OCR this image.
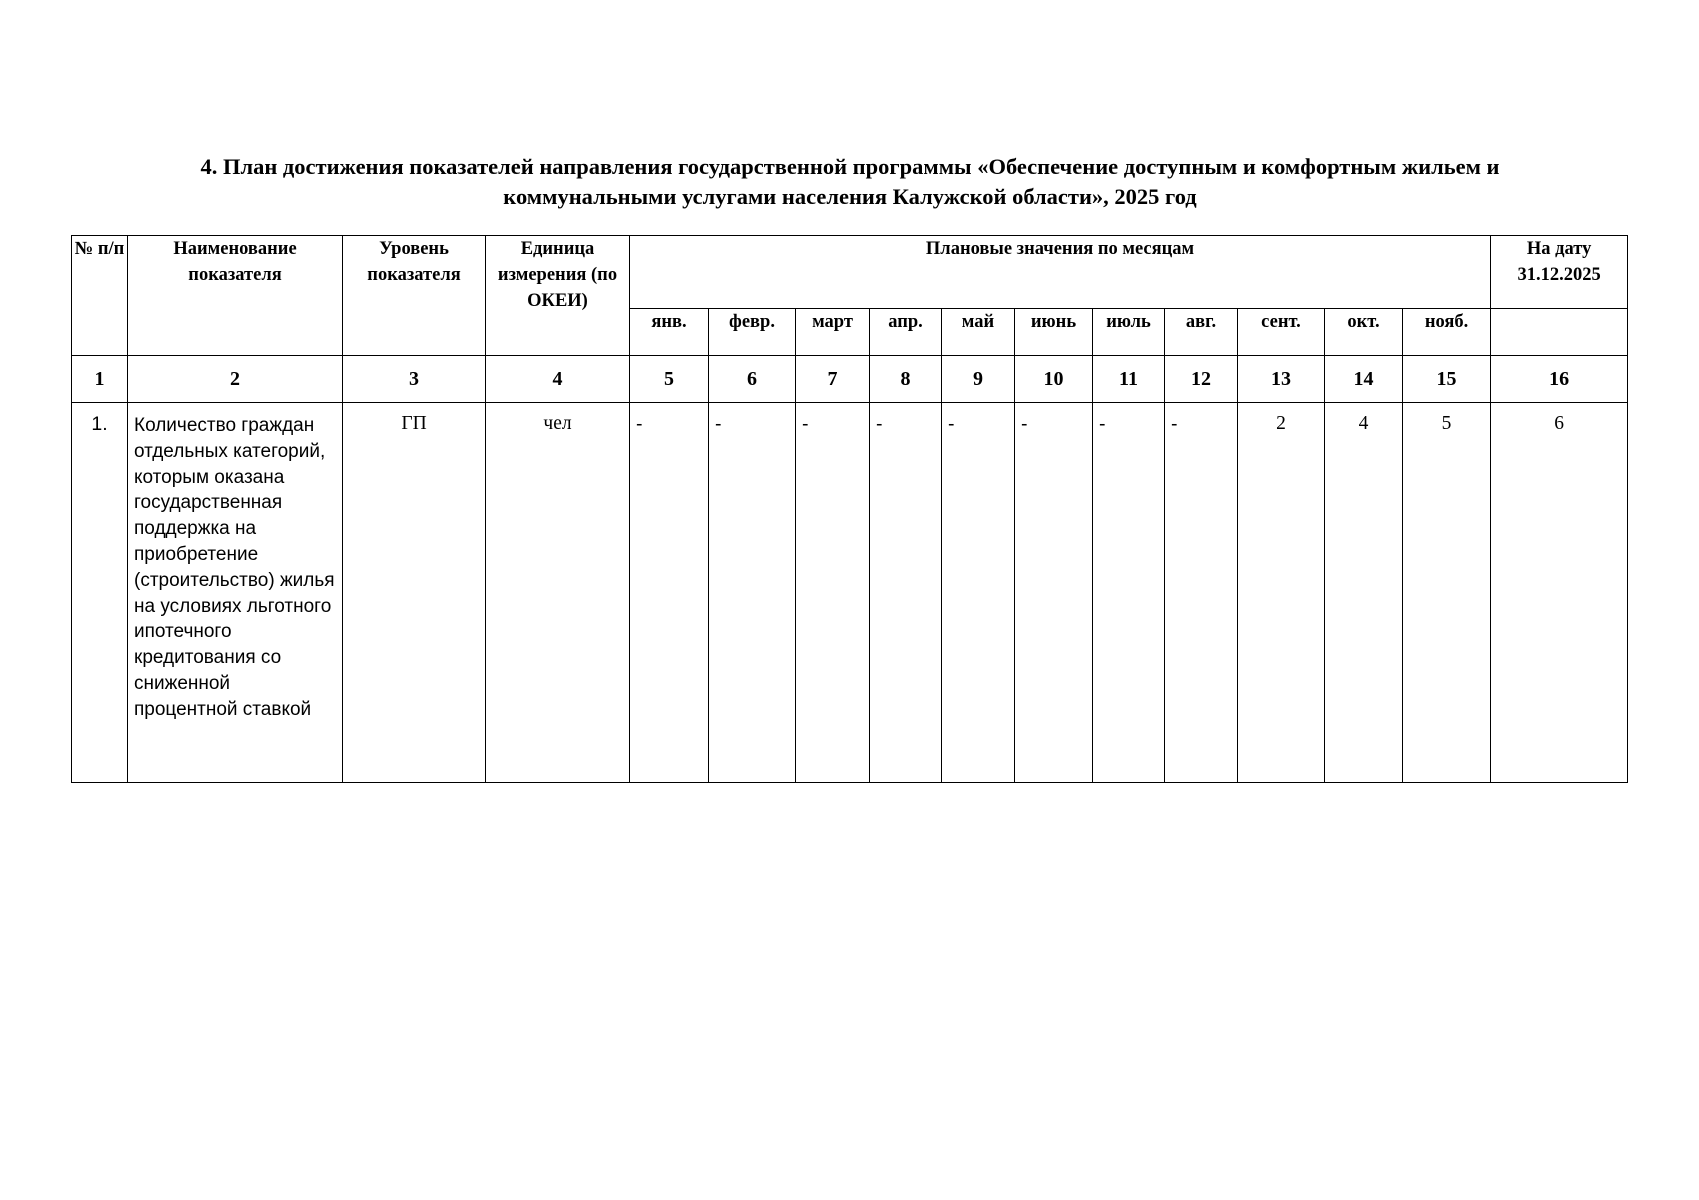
4. План достижения показателей направления государственной программы «Обеспечение доступным и комфортным жильем и
коммунальными услугами населения Калужской области», 2025 год
№ п/п	Наименование показателя	Уровень показателя	Единица измерения (по ОКЕИ)	Плановые значения по месяцам											На дату 31.12.2025
				янв.	февр.	март	апр.	май	июнь	июль	авг.	сент.	окт.	нояб.	
1	2	3	4	5	6	7	8	9	10	11	12	13	14	15	16
1.	Количество граждан отдельных категорий, которым оказана государственная поддержка на приобретение (строительство) жилья на условиях льготного ипотечного кредитования со сниженной процентной ставкой	ГП	чел	-	-	-	-	-	-	-	-	2	4	5	6
